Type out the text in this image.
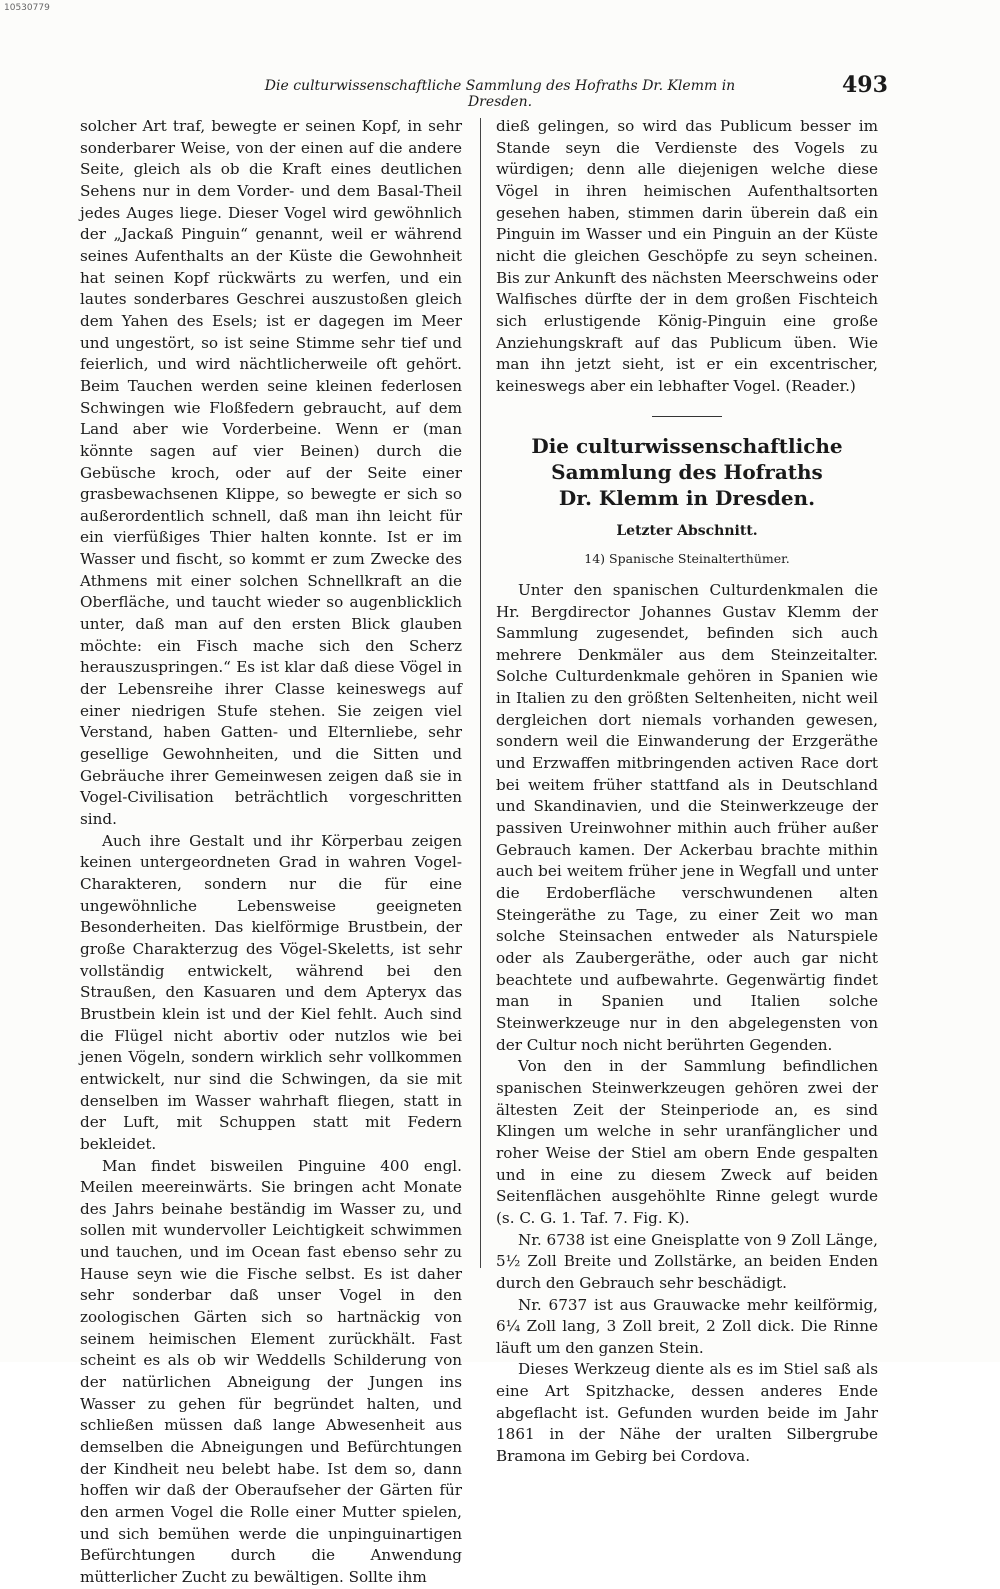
10530779
Die culturwissenschaftliche Sammlung des Hofraths Dr. Klemm in Dresden.
493

solcher Art traf, bewegte er seinen Kopf, in sehr sonderbarer Weise, von der einen auf die andere Seite, gleich als ob die Kraft eines deutlichen Sehens nur in dem Vorder- und dem Basal-Theil jedes Auges liege. Dieser Vogel wird gewöhnlich der „Jackaß Pinguin“ genannt, weil er während seines Aufenthalts an der Küste die Gewohnheit hat seinen Kopf rückwärts zu werfen, und ein lautes sonderbares Geschrei auszustoßen gleich dem Yahen des Esels; ist er dagegen im Meer und ungestört, so ist seine Stimme sehr tief und feierlich, und wird nächtlicherweile oft gehört. Beim Tauchen werden seine kleinen federlosen Schwingen wie Floßfedern gebraucht, auf dem Land aber wie Vorderbeine. Wenn er (man könnte sagen auf vier Beinen) durch die Gebüsche kroch, oder auf der Seite einer grasbewachsenen Klippe, so bewegte er sich so außerordentlich schnell, daß man ihn leicht für ein vierfüßiges Thier halten konnte. Ist er im Wasser und fischt, so kommt er zum Zwecke des Athmens mit einer solchen Schnellkraft an die Oberfläche, und taucht wieder so augenblicklich unter, daß man auf den ersten Blick glauben möchte: ein Fisch mache sich den Scherz herauszuspringen.“ Es ist klar daß diese Vögel in der Lebensreihe ihrer Classe keineswegs auf einer niedrigen Stufe stehen. Sie zeigen viel Verstand, haben Gatten- und Elternliebe, sehr gesellige Gewohnheiten, und die Sitten und Gebräuche ihrer Gemeinwesen zeigen daß sie in Vogel-Civilisation beträchtlich vorgeschritten sind.

Auch ihre Gestalt und ihr Körperbau zeigen keinen untergeordneten Grad in wahren Vogel-Charakteren, sondern nur die für eine ungewöhnliche Lebensweise geeigneten Besonderheiten. Das kielförmige Brustbein, der große Charakterzug des Vögel-Skeletts, ist sehr vollständig entwickelt, während bei den Straußen, den Kasuaren und dem Apteryx das Brustbein klein ist und der Kiel fehlt. Auch sind die Flügel nicht abortiv oder nutzlos wie bei jenen Vögeln, sondern wirklich sehr vollkommen entwickelt, nur sind die Schwingen, da sie mit denselben im Wasser wahrhaft fliegen, statt in der Luft, mit Schuppen statt mit Federn bekleidet.

Man findet bisweilen Pinguine 400 engl. Meilen meereinwärts. Sie bringen acht Monate des Jahrs beinahe beständig im Wasser zu, und sollen mit wundervoller Leichtigkeit schwimmen und tauchen, und im Ocean fast ebenso sehr zu Hause seyn wie die Fische selbst. Es ist daher sehr sonderbar daß unser Vogel in den zoologischen Gärten sich so hartnäckig von seinem heimischen Element zurückhält. Fast scheint es als ob wir Weddells Schilderung von der natürlichen Abneigung der Jungen ins Wasser zu gehen für begründet halten, und schließen müssen daß lange Abwesenheit aus demselben die Abneigungen und Befürchtungen der Kindheit neu belebt habe. Ist dem so, dann hoffen wir daß der Oberaufseher der Gärten für den armen Vogel die Rolle einer Mutter spielen, und sich bemühen werde die unpinguinartigen Befürchtungen durch die Anwendung mütterlicher Zucht zu bewältigen. Sollte ihm

dieß gelingen, so wird das Publicum besser im Stande seyn die Verdienste des Vogels zu würdigen; denn alle diejenigen welche diese Vögel in ihren heimischen Aufenthaltsorten gesehen haben, stimmen darin überein daß ein Pinguin im Wasser und ein Pinguin an der Küste nicht die gleichen Geschöpfe zu seyn scheinen. Bis zur Ankunft des nächsten Meerschweins oder Walfisches dürfte der in dem großen Fischteich sich erlustigende König-Pinguin eine große Anziehungskraft auf das Publicum üben. Wie man ihn jetzt sieht, ist er ein excentrischer, keineswegs aber ein lebhafter Vogel. (Reader.)

Die culturwissenschaftliche Sammlung des Hofraths
Dr. Klemm in Dresden.
Letzter Abschnitt.
14) Spanische Steinalterthümer.

Unter den spanischen Culturdenkmalen die Hr. Bergdirector Johannes Gustav Klemm der Sammlung zugesendet, befinden sich auch mehrere Denkmäler aus dem Steinzeitalter. Solche Culturdenkmale gehören in Spanien wie in Italien zu den größten Seltenheiten, nicht weil dergleichen dort niemals vorhanden gewesen, sondern weil die Einwanderung der Erzgeräthe und Erzwaffen mitbringenden activen Race dort bei weitem früher stattfand als in Deutschland und Skandinavien, und die Steinwerkzeuge der passiven Ureinwohner mithin auch früher außer Gebrauch kamen. Der Ackerbau brachte mithin auch bei weitem früher jene in Wegfall und unter die Erdoberfläche verschwundenen alten Steingeräthe zu Tage, zu einer Zeit wo man solche Steinsachen entweder als Naturspiele oder als Zaubergeräthe, oder auch gar nicht beachtete und aufbewahrte. Gegenwärtig findet man in Spanien und Italien solche Steinwerkzeuge nur in den abgelegensten von der Cultur noch nicht berührten Gegenden.

Von den in der Sammlung befindlichen spanischen Steinwerkzeugen gehören zwei der ältesten Zeit der Steinperiode an, es sind Klingen um welche in sehr uranfänglicher und roher Weise der Stiel am obern Ende gespalten und in eine zu diesem Zweck auf beiden Seitenflächen ausgehöhlte Rinne gelegt wurde (s. C. G. 1. Taf. 7. Fig. K).

Nr. 6738 ist eine Gneisplatte von 9 Zoll Länge, 5½ Zoll Breite und Zollstärke, an beiden Enden durch den Gebrauch sehr beschädigt.

Nr. 6737 ist aus Grauwacke mehr keilförmig, 6¼ Zoll lang, 3 Zoll breit, 2 Zoll dick. Die Rinne läuft um den ganzen Stein.

Dieses Werkzeug diente als es im Stiel saß als eine Art Spitzhacke, dessen anderes Ende abgeflacht ist. Gefunden wurden beide im Jahr 1861 in der Nähe der uralten Silbergrube Bramona im Gebirg bei Cordova.
